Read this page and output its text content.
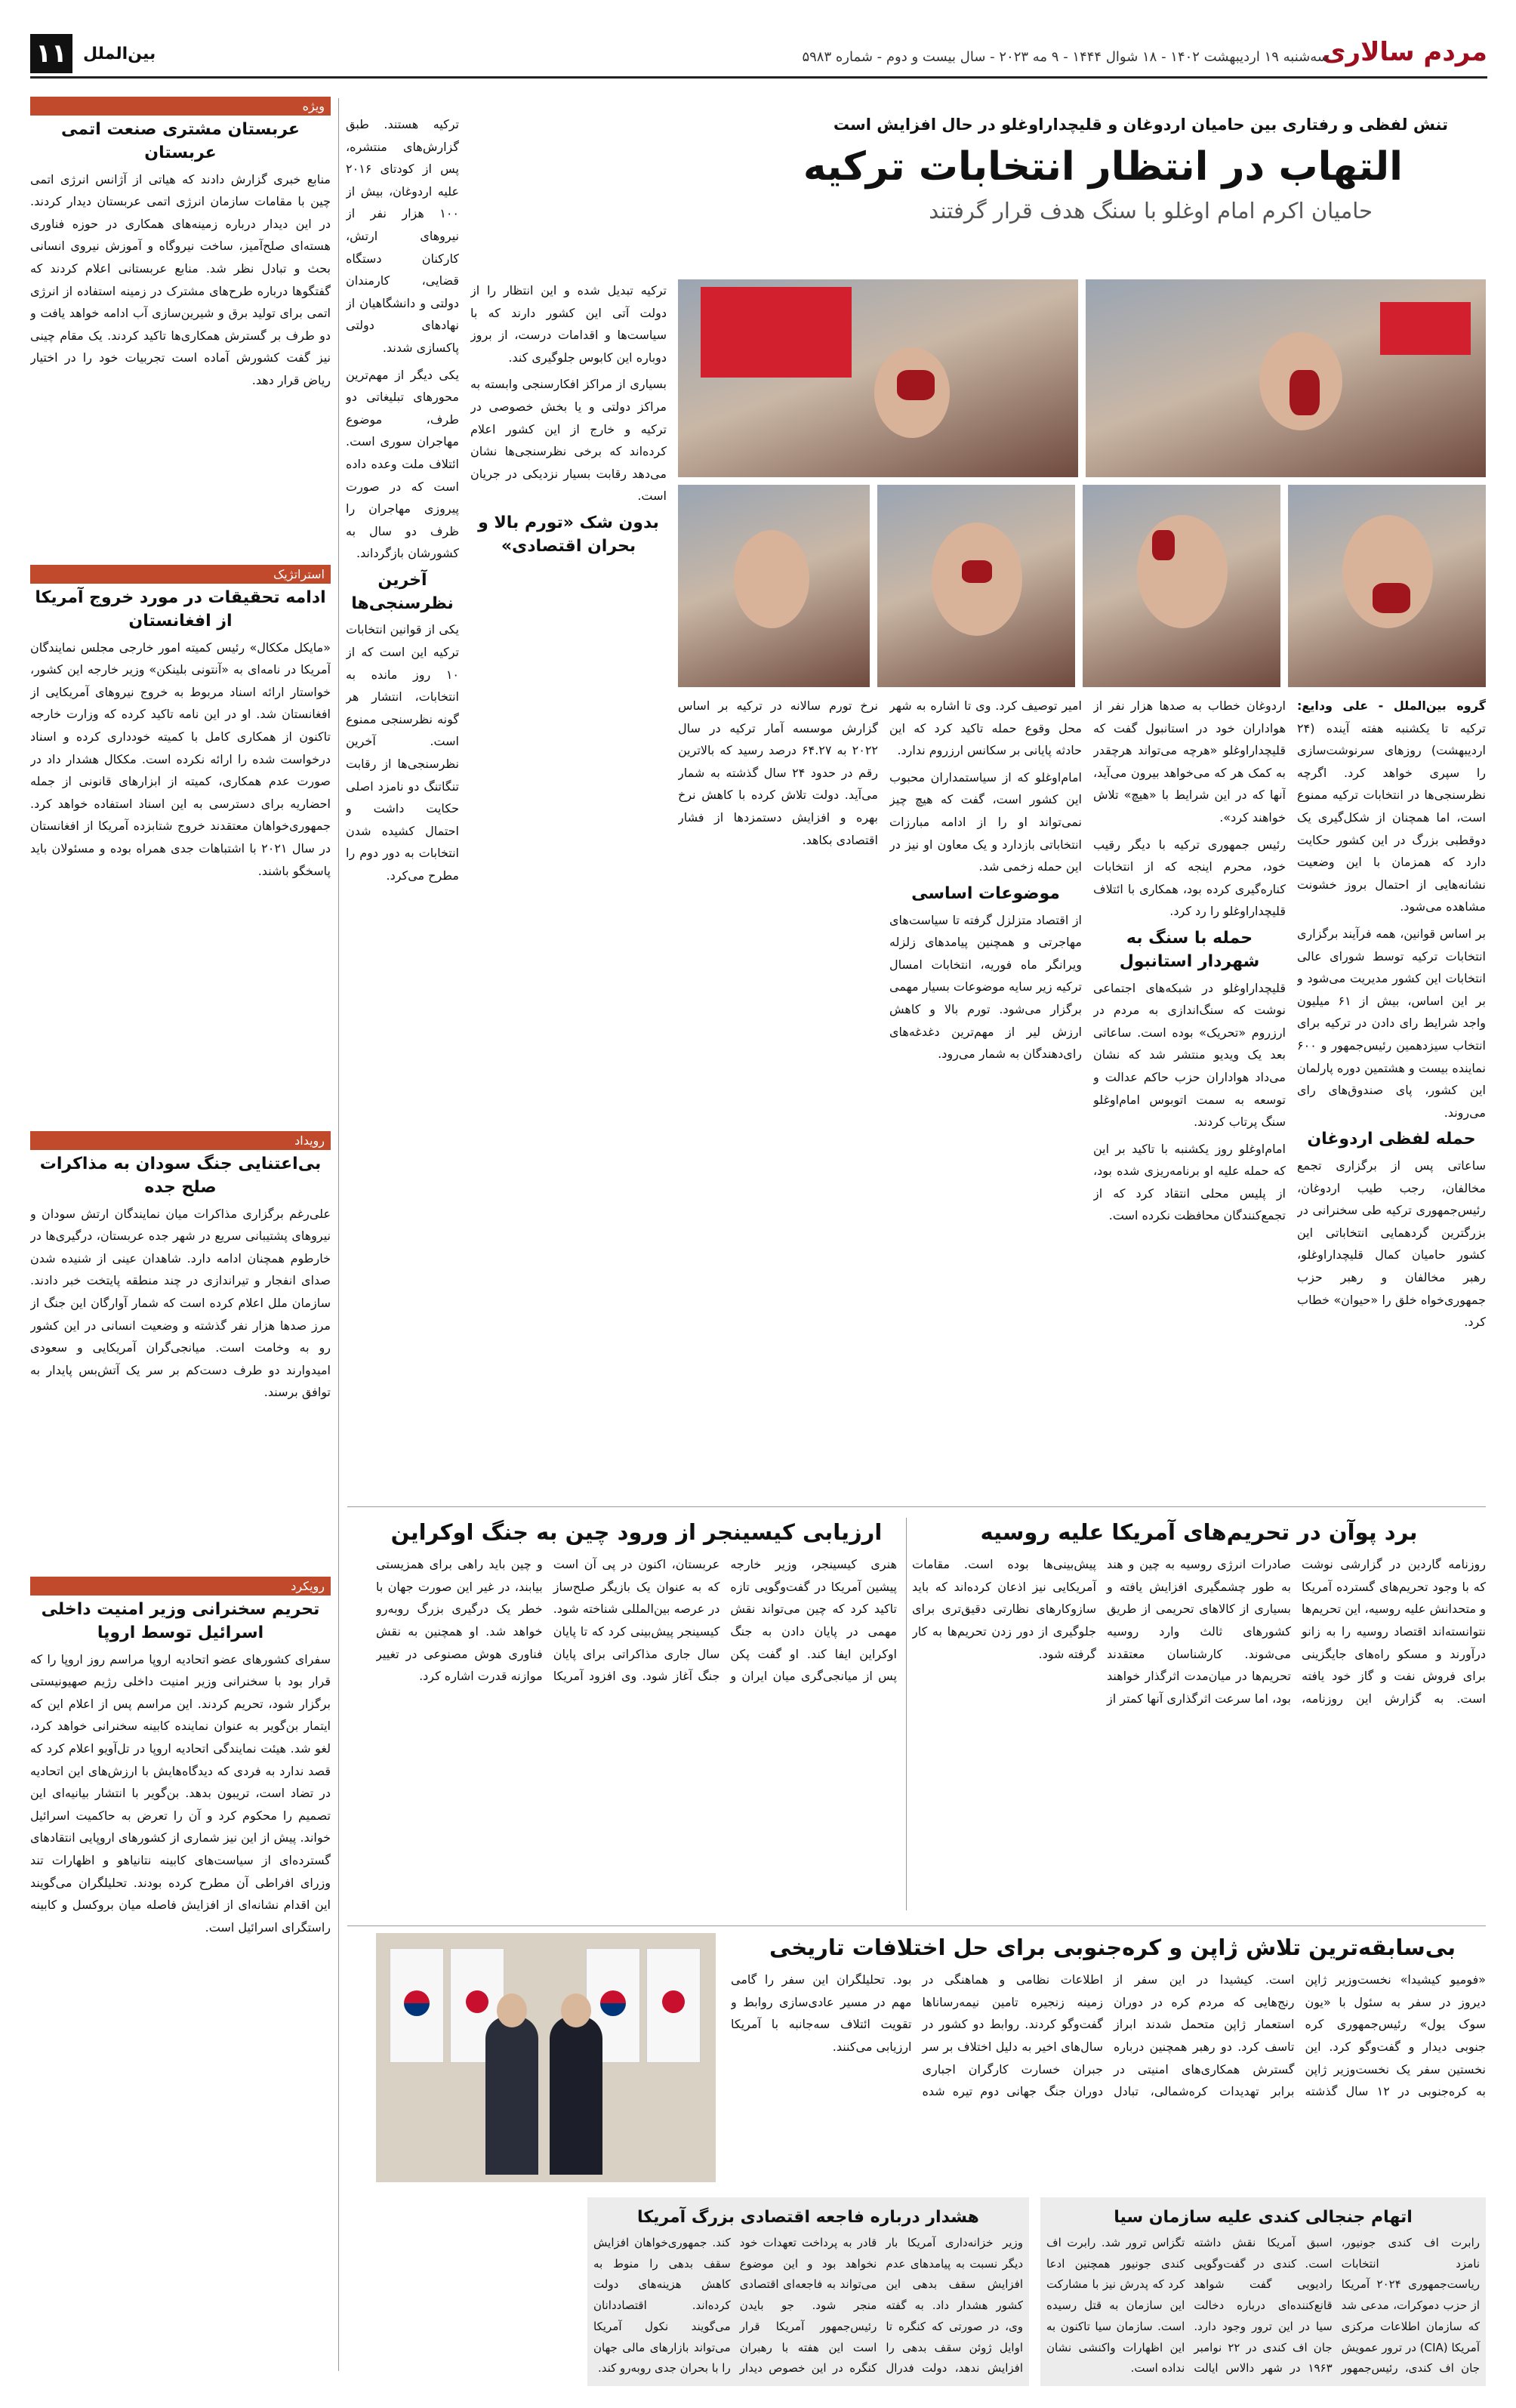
مردم سالاری
سه‌شنبه ۱۹ اردیبهشت ۱۴۰۲ - ۱۸ شوال ۱۴۴۴ - ۹ مه ۲۰۲۳ - سال بیست و دوم - شماره ۵۹۸۳
بین‌الملل
۱۱
تنش لفظی و رفتاری بین حامیان اردوغان و قلیچداراوغلو در حال افزایش است
التهاب در انتظار انتخابات ترکیه
حامیان اکرم امام اوغلو با سنگ هدف قرار گرفتند

گروه بین‌الملل - علی ودایع: ترکیه تا یکشنبه هفته آینده (۲۴ اردیبهشت) روزهای سرنوشت‌سازی را سپری خواهد کرد. اگرچه نظرسنجی‌ها در انتخابات ترکیه ممنوع است، اما همچنان از شکل‌گیری یک دوقطبی بزرگ در این کشور حکایت دارد که همزمان با این وضعیت نشانه‌هایی از احتمال بروز خشونت مشاهده می‌شود.

بر اساس قوانین، همه فرآیند برگزاری انتخابات ترکیه توسط شورای عالی انتخابات این کشور مدیریت می‌شود و بر این اساس، بیش از ۶۱ میلیون واجد شرایط رای دادن در ترکیه برای انتخاب سیزدهمین رئیس‌جمهور و ۶۰۰ نماینده بیست و هشتمین دوره پارلمان این کشور، پای صندوق‌های رای می‌روند.

حمله لفظی اردوغان

ساعاتی پس از برگزاری تجمع مخالفان، رجب طیب اردوغان، رئیس‌جمهوری ترکیه طی سخنرانی در بزرگترین گردهمایی انتخاباتی این کشور حامیان کمال قلیچداراوغلو، رهبر مخالفان و رهبر حزب جمهوری‌خواه خلق را «حیوان» خطاب کرد.

اردوغان خطاب به صدها هزار نفر از هواداران خود در استانبول گفت که قلیچداراوغلو «هرچه می‌تواند هرچقدر به کمک هر که می‌خواهد بیرون می‌آید، آنها که در این شرایط با «هیچ» تلاش خواهند کرد».

رئیس جمهوری ترکیه با دیگر رقیب خود، محرم اینجه که از انتخابات کناره‌گیری کرده بود، همکاری با ائتلاف قلیچداراوغلو را رد کرد.

حمله با سنگ به شهردار استانبول

قلیچداراوغلو در شبکه‌های اجتماعی نوشت که سنگ‌اندازی به مردم در ارزروم «تحریک» بوده است. ساعاتی بعد یک ویدیو منتشر شد که نشان می‌داد هواداران حزب حاکم عدالت و توسعه به سمت اتوبوس امام‌اوغلو سنگ پرتاب کردند.

امام‌اوغلو روز یکشنبه با تاکید بر این که حمله علیه او برنامه‌ریزی شده بود، از پلیس محلی انتقاد کرد که از تجمع‌کنندگان محافظت نکرده است.

امیر توصیف کرد. وی تا اشاره به شهر محل وقوع حمله تاکید کرد که این حادثه پایانی بر سکانس ارزروم ندارد.

امام‌اوغلو که از سیاستمداران محبوب این کشور است، گفت که هیچ چیز نمی‌تواند او را از ادامه مبارزات انتخاباتی بازدارد و یک معاون او نیز در این حمله زخمی شد.

موضوعات اساسی

از اقتصاد متزلزل گرفته تا سیاست‌های مهاجرتی و همچنین پیامدهای زلزله ویرانگر ماه فوریه، انتخابات امسال ترکیه زیر سایه موضوعات بسیار مهمی برگزار می‌شود. تورم بالا و کاهش ارزش لیر از مهم‌ترین دغدغه‌های رای‌دهندگان به شمار می‌رود.

نرخ تورم سالانه در ترکیه بر اساس گزارش موسسه آمار ترکیه در سال ۲۰۲۲ به ۶۴.۲۷ درصد رسید که بالاترین رقم در حدود ۲۴ سال گذشته به شمار می‌آید. دولت تلاش کرده با کاهش نرخ بهره و افزایش دستمزدها از فشار اقتصادی بکاهد.

ترکیه تبدیل شده و این انتظار را از دولت آتی این کشور دارند که با سیاست‌ها و اقدامات درست، از بروز دوباره این کابوس جلوگیری کند.

بسیاری از مراکز افکارسنجی وابسته به مراکز دولتی و یا بخش خصوصی در ترکیه و خارج از این کشور اعلام کرده‌اند که برخی نظرسنجی‌ها نشان می‌دهد رقابت بسیار نزدیکی در جریان است.

بدون شک «تورم بالا و بحران اقتصادی»

ترکیه هستند. طبق گزارش‌های منتشره، پس از کودتای ۲۰۱۶ علیه اردوغان، بیش از ۱۰۰ هزار نفر از نیروهای ارتش، کارکنان دستگاه قضایی، کارمندان دولتی و دانشگاهیان از نهادهای دولتی پاکسازی شدند.

یکی دیگر از مهم‌ترین محورهای تبلیغاتی دو طرف، موضوع مهاجران سوری است. ائتلاف ملت وعده داده است که در صورت پیروزی مهاجران را ظرف دو سال به کشورشان بازگرداند.

آخرین نظرسنجی‌ها

یکی از قوانین انتخابات ترکیه این است که از ۱۰ روز مانده به انتخابات، انتشار هر گونه نظرسنجی ممنوع است. آخرین نظرسنجی‌ها از رقابت تنگاتنگ دو نامزد اصلی حکایت داشت و احتمال کشیده شدن انتخابات به دور دوم را مطرح می‌کرد.

ویژه
عربستان مشتری صنعت اتمی عربستان
منابع خبری گزارش دادند که هیاتی از آژانس انرژی اتمی چین با مقامات سازمان انرژی اتمی عربستان دیدار کردند. در این دیدار درباره زمینه‌های همکاری در حوزه فناوری هسته‌ای صلح‌آمیز، ساخت نیروگاه و آموزش نیروی انسانی بحث و تبادل نظر شد. منابع عربستانی اعلام کردند که گفتگوها درباره طرح‌های مشترک در زمینه استفاده از انرژی اتمی برای تولید برق و شیرین‌سازی آب ادامه خواهد یافت و دو طرف بر گسترش همکاری‌ها تاکید کردند. یک مقام چینی نیز گفت کشورش آماده است تجربیات خود را در اختیار ریاض قرار دهد.
استراتژیک
ادامه تحقیقات در مورد خروج آمریکا از افغانستان
«مایکل مککال» رئیس کمیته امور خارجی مجلس نمایندگان آمریکا در نامه‌ای به «آنتونی بلینکن» وزیر خارجه این کشور، خواستار ارائه اسناد مربوط به خروج نیروهای آمریکایی از افغانستان شد. او در این نامه تاکید کرده که وزارت خارجه تاکنون از همکاری کامل با کمیته خودداری کرده و اسناد درخواست شده را ارائه نکرده است. مککال هشدار داد در صورت عدم همکاری، کمیته از ابزارهای قانونی از جمله احضاریه برای دسترسی به این اسناد استفاده خواهد کرد. جمهوری‌خواهان معتقدند خروج شتابزده آمریکا از افغانستان در سال ۲۰۲۱ با اشتباهات جدی همراه بوده و مسئولان باید پاسخگو باشند.
رویداد
بی‌اعتنایی جنگ سودان به مذاکرات صلح جده
علی‌رغم برگزاری مذاکرات میان نمایندگان ارتش سودان و نیروهای پشتیبانی سریع در شهر جده عربستان، درگیری‌ها در خارطوم همچنان ادامه دارد. شاهدان عینی از شنیده شدن صدای انفجار و تیراندازی در چند منطقه پایتخت خبر دادند. سازمان ملل اعلام کرده است که شمار آوارگان این جنگ از مرز صدها هزار نفر گذشته و وضعیت انسانی در این کشور رو به وخامت است. میانجی‌گران آمریکایی و سعودی امیدوارند دو طرف دست‌کم بر سر یک آتش‌بس پایدار به توافق برسند.
رویکرد
تحریم سخنرانی وزیر امنیت داخلی اسرائیل توسط اروپا
سفرای کشورهای عضو اتحادیه اروپا مراسم روز اروپا را که قرار بود با سخنرانی وزیر امنیت داخلی رژیم صهیونیستی برگزار شود، تحریم کردند. این مراسم پس از اعلام این که ایتمار بن‌گویر به عنوان نماینده کابینه سخنرانی خواهد کرد، لغو شد. هیئت نمایندگی اتحادیه اروپا در تل‌آویو اعلام کرد که قصد ندارد به فردی که دیدگاه‌هایش با ارزش‌های این اتحادیه در تضاد است، تریبون بدهد. بن‌گویر با انتشار بیانیه‌ای این تصمیم را محکوم کرد و آن را تعرض به حاکمیت اسرائیل خواند. پیش از این نیز شماری از کشورهای اروپایی انتقادهای گسترده‌ای از سیاست‌های کابینه نتانیاهو و اظهارات تند وزرای افراطی آن مطرح کرده بودند. تحلیلگران می‌گویند این اقدام نشانه‌ای از افزایش فاصله میان بروکسل و کابینه راستگرای اسرائیل است.
برد پوآن در تحریم‌های آمریکا علیه روسیه
روزنامه گاردین در گزارشی نوشت که با وجود تحریم‌های گسترده آمریکا و متحدانش علیه روسیه، این تحریم‌ها نتوانسته‌اند اقتصاد روسیه را به زانو درآورند و مسکو راه‌های جایگزینی برای فروش نفت و گاز خود یافته است. به گزارش این روزنامه، صادرات انرژی روسیه به چین و هند به طور چشمگیری افزایش یافته و بسیاری از کالاهای تحریمی از طریق کشورهای ثالث وارد روسیه می‌شوند. کارشناسان معتقدند تحریم‌ها در میان‌مدت اثرگذار خواهند بود، اما سرعت اثرگذاری آنها کمتر از پیش‌بینی‌ها بوده است. مقامات آمریکایی نیز اذعان کرده‌اند که باید سازوکارهای نظارتی دقیق‌تری برای جلوگیری از دور زدن تحریم‌ها به کار گرفته شود.
ارزیابی کیسینجر از ورود چین به جنگ اوکراین
هنری کیسینجر، وزیر خارجه پیشین آمریکا در گفت‌وگویی تازه تاکید کرد که چین می‌تواند نقش مهمی در پایان دادن به جنگ اوکراین ایفا کند. او گفت پکن پس از میانجی‌گری میان ایران و عربستان، اکنون در پی آن است که به عنوان یک بازیگر صلح‌ساز در عرصه بین‌المللی شناخته شود. کیسینجر پیش‌بینی کرد که تا پایان سال جاری مذاکراتی برای پایان جنگ آغاز شود. وی افزود آمریکا و چین باید راهی برای همزیستی بیابند، در غیر این صورت جهان با خطر یک درگیری بزرگ روبه‌رو خواهد شد. او همچنین به نقش فناوری هوش مصنوعی در تغییر موازنه قدرت اشاره کرد.
بی‌سابقه‌ترین تلاش ژاپن و کره‌جنوبی برای حل اختلافات تاریخی
«فومیو کیشیدا» نخست‌وزیر ژاپن دیروز در سفر به سئول با «یون سوک یول» رئیس‌جمهوری کره جنوبی دیدار و گفت‌وگو کرد. این نخستین سفر یک نخست‌وزیر ژاپن به کره‌جنوبی در ۱۲ سال گذشته است. کیشیدا در این سفر از رنج‌هایی که مردم کره در دوران استعمار ژاپن متحمل شدند ابراز تاسف کرد. دو رهبر همچنین درباره گسترش همکاری‌های امنیتی در برابر تهدیدات کره‌شمالی، تبادل اطلاعات نظامی و هماهنگی در زمینه زنجیره تامین نیمه‌رساناها گفت‌وگو کردند. روابط دو کشور در سال‌های اخیر به دلیل اختلاف بر سر جبران خسارت کارگران اجباری دوران جنگ جهانی دوم تیره شده بود. تحلیلگران این سفر را گامی مهم در مسیر عادی‌سازی روابط و تقویت ائتلاف سه‌جانبه با آمریکا ارزیابی می‌کنند.
اتهام جنجالی کندی علیه سازمان سیا
رابرت اف کندی جونیور، نامزد انتخابات ریاست‌جمهوری ۲۰۲۴ آمریکا از حزب دموکرات، مدعی شد که سازمان اطلاعات مرکزی آمریکا (CIA) در ترور عمویش جان اف کندی، رئیس‌جمهور اسبق آمریکا نقش داشته است. کندی در گفت‌وگویی رادیویی گفت شواهد قانع‌کننده‌ای درباره دخالت سیا در این ترور وجود دارد. جان اف کندی در ۲۲ نوامبر ۱۹۶۳ در شهر دالاس ایالت تگزاس ترور شد. رابرت اف کندی جونیور همچنین ادعا کرد که پدرش نیز با مشارکت این سازمان به قتل رسیده است. سازمان سیا تاکنون به این اظهارات واکنشی نشان نداده است.
هشدار درباره فاجعه اقتصادی بزرگ آمریکا
وزیر خزانه‌داری آمریکا بار دیگر نسبت به پیامدهای عدم افزایش سقف بدهی این کشور هشدار داد. به گفته وی، در صورتی که کنگره تا اوایل ژوئن سقف بدهی را افزایش ندهد، دولت فدرال قادر به پرداخت تعهدات خود نخواهد بود و این موضوع می‌تواند به فاجعه‌ای اقتصادی منجر شود. جو بایدن رئیس‌جمهور آمریکا قرار است این هفته با رهبران کنگره در این خصوص دیدار کند. جمهوری‌خواهان افزایش سقف بدهی را منوط به کاهش هزینه‌های دولت کرده‌اند. اقتصاددانان می‌گویند نکول آمریکا می‌تواند بازارهای مالی جهان را با بحران جدی روبه‌رو کند.
